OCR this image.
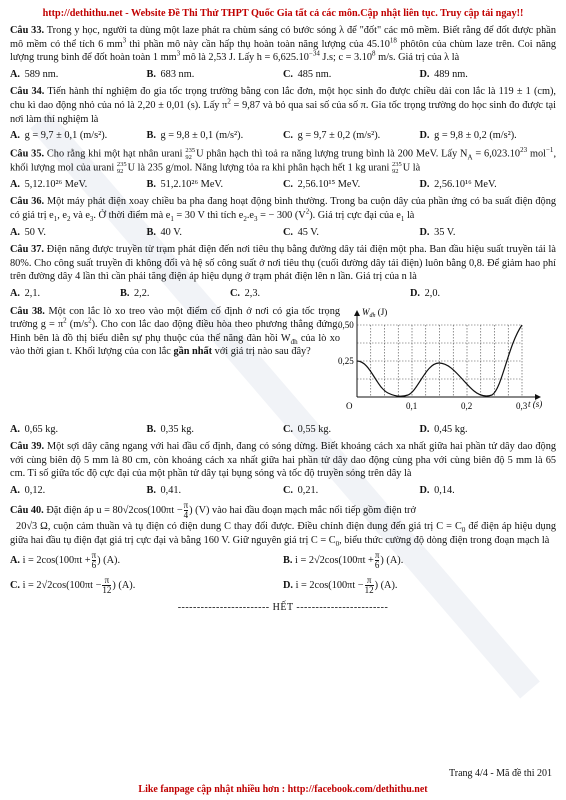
http://dethithu.net - Website Đề Thi Thử THPT Quốc Gia tất cả các môn.Cập nhật liên tục. Truy cập tải ngay!!
Câu 33. Trong y học, người ta dùng một laze phát ra chùm sáng có bước sóng λ để "đốt" các mô mềm. Biết rằng để đốt được phần mô mềm có thể tích 6 $mm^3$ thì phần mô này cần hấp thụ hoàn toàn năng lượng của 45.10$^{18}$ phôtôn của chùm laze trên. Coi năng lượng trung bình để đốt hoàn toàn 1 $mm^3$ mô là 2,53 J. Lấy $h = 6,625.10^{-34}$ J.s; $c = 3.10^8$ m/s. Giá trị của λ là
A. 589 nm.	B. 683 nm.	C. 485 nm.	D. 489 nm.
Câu 34. Tiến hành thí nghiệm đo gia tốc trọng trường bằng con lắc đơn, một học sinh đo được chiều dài con lắc là 119 ± 1 (cm), chu kì dao động nhỏ của nó là 2,20 ± 0,01 (s). Lấy $\pi^2 = 9,87$ và bỏ qua sai số của số π. Gia tốc trọng trường do học sinh đo được tại nơi làm thí nghiệm là
A. g = 9,7 ± 0,1 (m/s²).	B. g = 9,8 ± 0,1 (m/s²).	C. g = 9,7 ± 0,2 (m/s²).	D. g = 9,8 ± 0,2 (m/s²).
Câu 35. Cho rằng khi một hạt nhân urani 235
92 U phân hạch thì toả ra năng lượng trung bình là 200 MeV. Lấy $N_A = 6,023.10^{23}$ mol$^{-1}$, khối lượng mol của urani 235
92 U là 235 g/mol. Năng lượng tỏa ra khi phân hạch hết 1 kg urani 235
92 U là
A. 5,12.10²⁶ MeV.	B. 51,2.10²⁶ MeV.	C. 2,56.10¹⁵ MeV.	D. 2,56.10¹⁶ MeV.
Câu 36. Một máy phát điện xoay chiều ba pha đang hoạt động bình thường. Trong ba cuộn dây của phần ứng có ba suất điện động có giá trị $e_1$, $e_2$ và $e_3$. Ở thời điểm mà $e_1 = 30$ V thì tích $e_2.e_3$ = − 300 $(V^2)$. Giá trị cực đại của $e_1$ là
A. 50 V.	B. 40 V.	C. 45 V.	D. 35 V.
Câu 37. Điện năng được truyền từ trạm phát điện đến nơi tiêu thụ bằng đường dây tải điện một pha. Ban đầu hiệu suất truyền tải là 80%. Cho công suất truyền đi không đổi và hệ số công suất ở nơi tiêu thụ (cuối đường dây tải điện) luôn bằng 0,8. Để giảm hao phí trên đường dây 4 lần thì cần phải tăng điện áp hiệu dụng ở trạm phát điện lên n lần. Giá trị của n là
A. 2,1.	B. 2,2.	C. 2,3.	D. 2,0.
Câu 38. Một con lắc lò xo treo vào một điểm cố định ở nơi có gia tốc trọng trường $g = \pi^2$ $(m/s^2)$. Cho con lắc dao động điều hòa theo phương thẳng đứng. Hình bên là đồ thị biểu diễn sự phụ thuộc của thế năng đàn hồi $W_{đh}$ của lò xo vào thời gian t. Khối lượng của con lắc gần nhất với giá trị nào sau đây?
$W_{đh}$ (J)
0,50
0,25
O	0,1	0,2	0,3 t (s)
A. 0,65 kg.	B. 0,35 kg.	C. 0,55 kg.	D. 0,45 kg.
Câu 39. Một sợi dây căng ngang với hai đầu cố định, đang có sóng dừng. Biết khoảng cách xa nhất giữa hai phần tử dây dao động với cùng biên độ 5 mm là 80 cm, còn khoảng cách xa nhất giữa hai phần tử dây dao động cùng pha với cùng biên độ 5 mm là 65 cm. Tỉ số giữa tốc độ cực đại của một phần tử dây tại bụng sóng và tốc độ truyền sóng trên dây là
A. 0,12.	B. 0,41.	C. 0,21.	D. 0,14.
Câu 40. Đặt điện áp $u = 80√2\cos(100\pi t - \frac{\pi}{4}$ ) (V) vào hai đầu đoạn mạch mắc nối tiếp gồm điện trở
20√3 Ω, cuộn cảm thuần và tụ điện có điện dung C thay đổi được. Điều chỉnh điện dung đến giá trị $C = C_0$ để điện áp hiệu dụng giữa hai đầu tụ điện đạt giá trị cực đại và bằng 160 V. Giữ nguyên giá trị $C = C_0$, biểu thức cường độ dòng điện trong đoạn mạch là
A. $i = 2\cos(100\pi t + \frac{\pi}{6}$ ) (A).	B. $i = 2√2\cos(100\pi t + \frac{\pi}{6}$ ) (A).
C. $i = 2√2\cos(100\pi t - \frac{\pi}{12}$ ) (A).	D. $i = 2\cos(100\pi t - \frac{\pi}{12}$ ) (A).
------------------------ HẾT ------------------------
Trang 4/4 - Mã đề thi 201
Like fanpage cập nhật nhiều hơn : http://facebook.com/dethithu.net
